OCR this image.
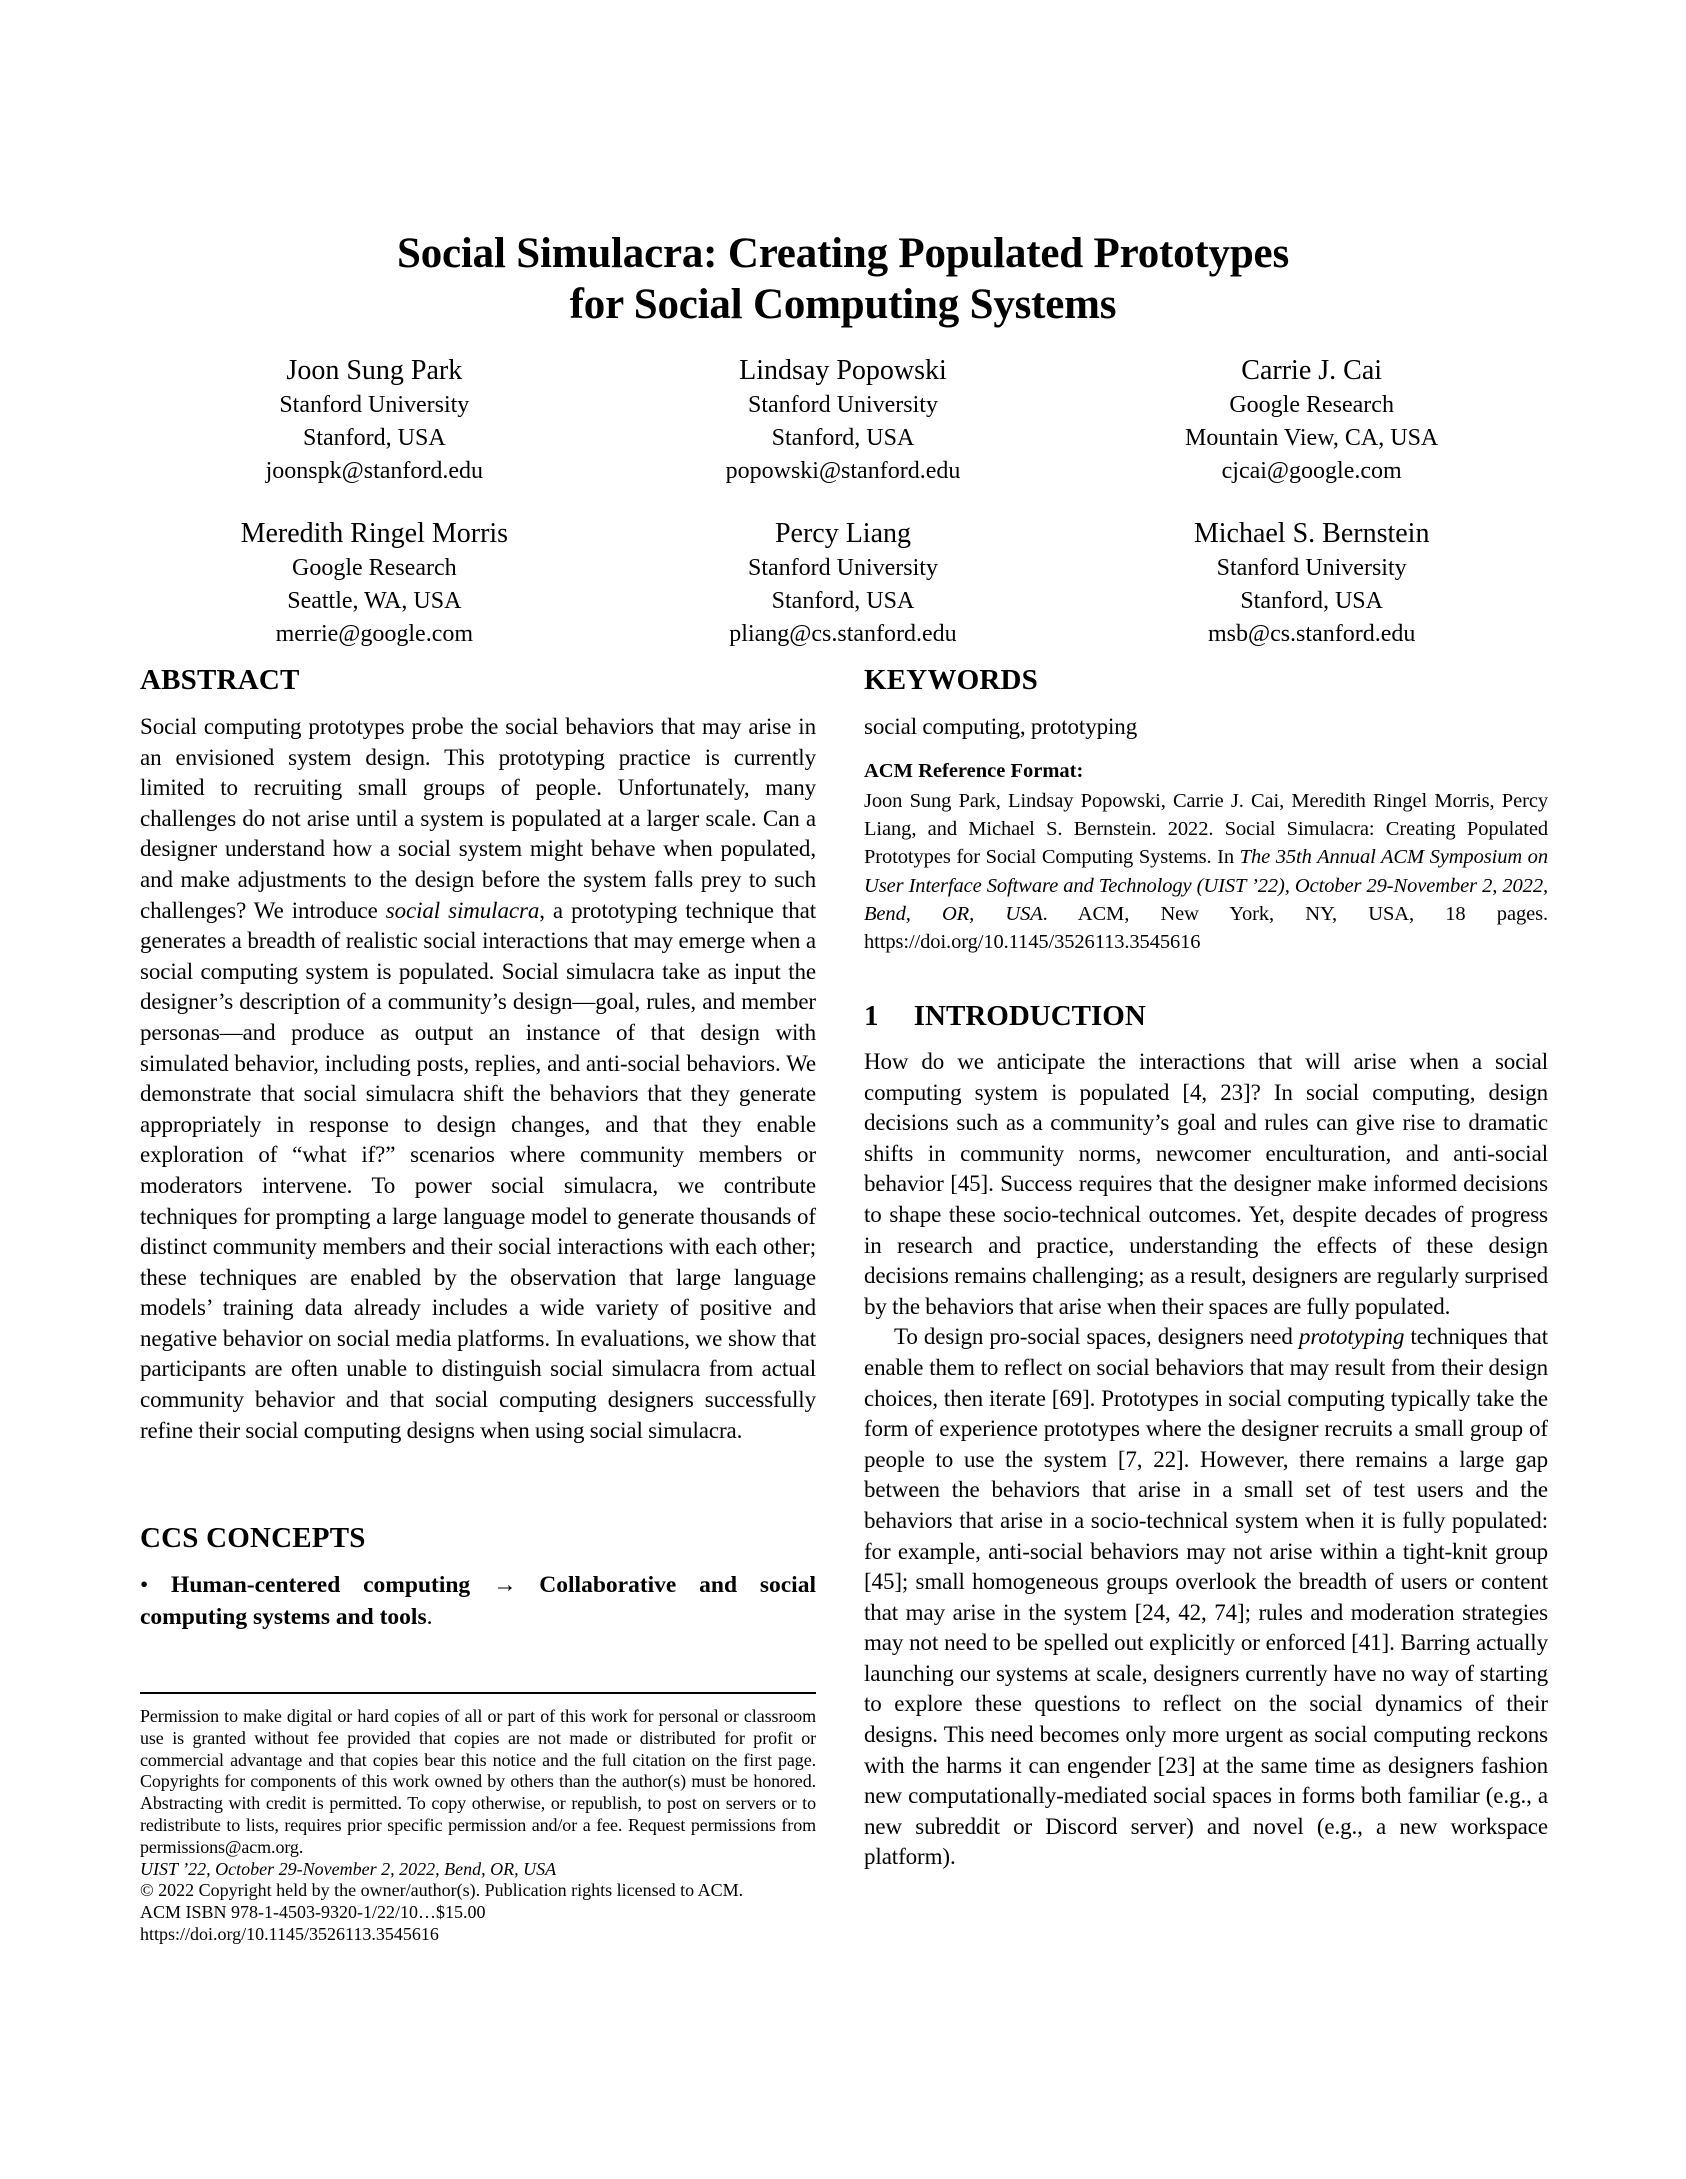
Social Simulacra: Creating Populated Prototypes
for Social Computing Systems
Joon Sung Park
Stanford University
Stanford, USA
joonspk@stanford.edu
Lindsay Popowski
Stanford University
Stanford, USA
popowski@stanford.edu
Carrie J. Cai
Google Research
Mountain View, CA, USA
cjcai@google.com
Meredith Ringel Morris
Google Research
Seattle, WA, USA
merrie@google.com
Percy Liang
Stanford University
Stanford, USA
pliang@cs.stanford.edu
Michael S. Bernstein
Stanford University
Stanford, USA
msb@cs.stanford.edu
ABSTRACT

Social computing prototypes probe the social behaviors that may arise in an envisioned system design. This prototyping practice is currently limited to recruiting small groups of people. Unfortunately, many challenges do not arise until a system is populated at a larger scale. Can a designer understand how a social system might behave when populated, and make adjustments to the design before the system falls prey to such challenges? We introduce social simulacra, a prototyping technique that generates a breadth of realistic social interactions that may emerge when a social computing system is populated. Social simulacra take as input the designer’s description of a community’s design—goal, rules, and member personas—and produce as output an instance of that design with simulated behavior, including posts, replies, and anti-social behaviors. We demonstrate that social simulacra shift the behaviors that they generate appropriately in response to design changes, and that they enable exploration of “what if?” scenarios where community members or moderators intervene. To power social simulacra, we contribute techniques for prompting a large language model to generate thousands of distinct community members and their social interactions with each other; these techniques are enabled by the observation that large language models’ training data already includes a wide variety of positive and negative behavior on social media platforms. In evaluations, we show that participants are often unable to distinguish social simulacra from actual community behavior and that social computing designers successfully refine their social computing designs when using social simulacra.

CCS CONCEPTS

• Human-centered computing → Collaborative and social computing systems and tools.

Permission to make digital or hard copies of all or part of this work for personal or classroom use is granted without fee provided that copies are not made or distributed for profit or commercial advantage and that copies bear this notice and the full citation on the first page. Copyrights for components of this work owned by others than the author(s) must be honored. Abstracting with credit is permitted. To copy otherwise, or republish, to post on servers or to redistribute to lists, requires prior specific permission and/or a fee. Request permissions from permissions@acm.org.

UIST ’22, October 29-November 2, 2022, Bend, OR, USA

© 2022 Copyright held by the owner/author(s). Publication rights licensed to ACM.

ACM ISBN 978-1-4503-9320-1/22/10…$15.00

https://doi.org/10.1145/3526113.3545616

KEYWORDS

social computing, prototyping

ACM Reference Format:

Joon Sung Park, Lindsay Popowski, Carrie J. Cai, Meredith Ringel Morris, Percy Liang, and Michael S. Bernstein. 2022. Social Simulacra: Creating Populated Prototypes for Social Computing Systems. In The 35th Annual ACM Symposium on User Interface Software and Technology (UIST ’22), October 29-November 2, 2022, Bend, OR, USA. ACM, New York, NY, USA, 18 pages. https://doi.org/10.1145/3526113.3545616

1 INTRODUCTION

How do we anticipate the interactions that will arise when a social computing system is populated [4, 23]? In social computing, design decisions such as a community’s goal and rules can give rise to dramatic shifts in community norms, newcomer enculturation, and anti-social behavior [45]. Success requires that the designer make informed decisions to shape these socio-technical outcomes. Yet, despite decades of progress in research and practice, understanding the effects of these design decisions remains challenging; as a result, designers are regularly surprised by the behaviors that arise when their spaces are fully populated.

To design pro-social spaces, designers need prototyping techniques that enable them to reflect on social behaviors that may result from their design choices, then iterate [69]. Prototypes in social computing typically take the form of experience prototypes where the designer recruits a small group of people to use the system [7, 22]. However, there remains a large gap between the behaviors that arise in a small set of test users and the behaviors that arise in a socio-technical system when it is fully populated: for example, anti-social behaviors may not arise within a tight-knit group [45]; small homogeneous groups overlook the breadth of users or content that may arise in the system [24, 42, 74]; rules and moderation strategies may not need to be spelled out explicitly or enforced [41]. Barring actually launching our systems at scale, designers currently have no way of starting to explore these questions to reflect on the social dynamics of their designs. This need becomes only more urgent as social computing reckons with the harms it can engender [23] at the same time as designers fashion new computationally-mediated social spaces in forms both familiar (e.g., a new subreddit or Discord server) and novel (e.g., a new workspace platform).
